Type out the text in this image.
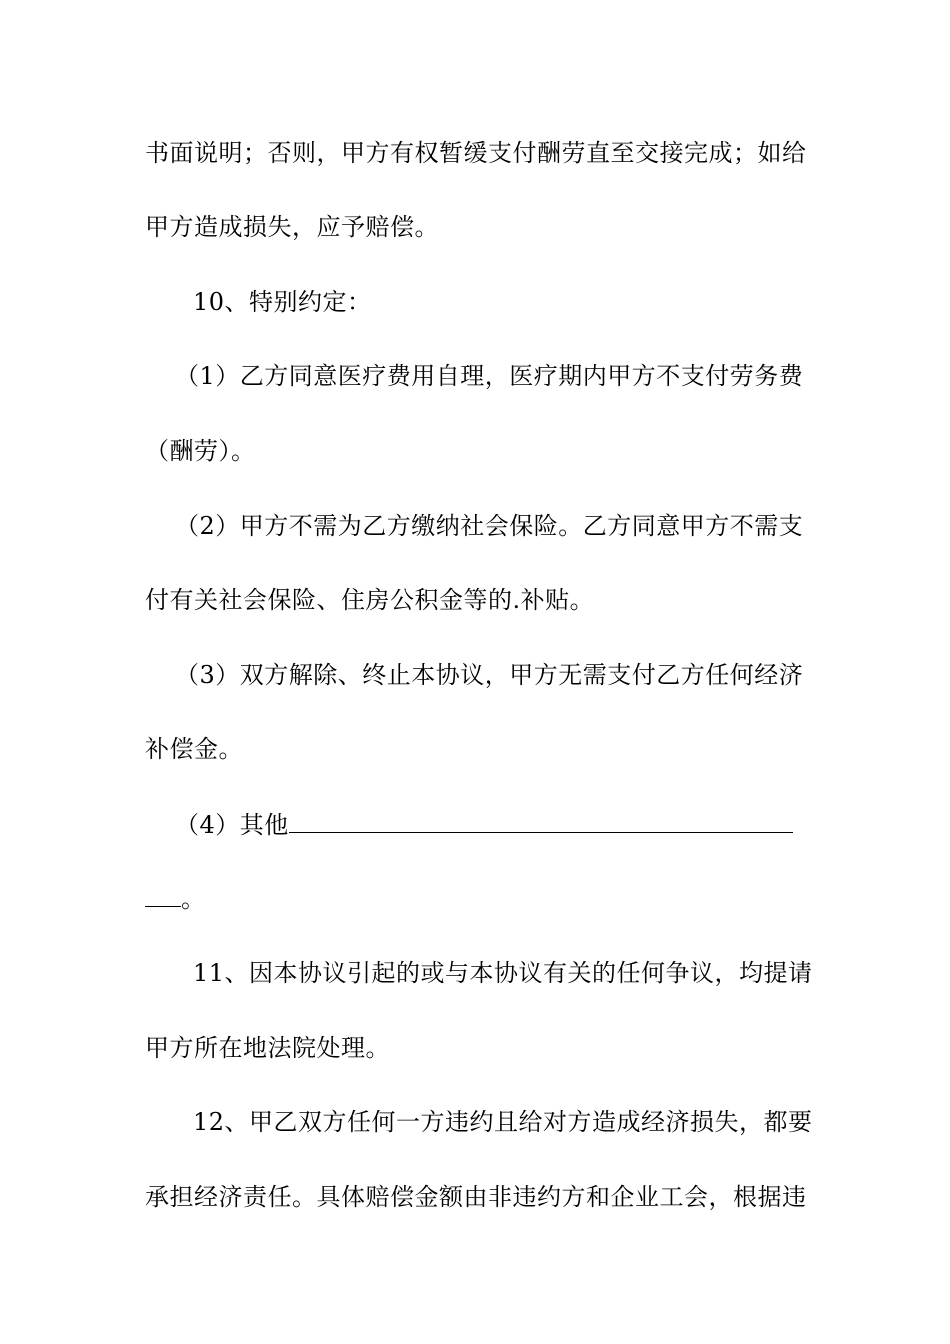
书面说明；否则，甲方有权暂缓支付酬劳直至交接完成；如给
甲方造成损失，应予赔偿。
10、特别约定：
（1）乙方同意医疗费用自理，医疗期内甲方不支付劳务费
（酬劳）。
（2）甲方不需为乙方缴纳社会保险。乙方同意甲方不需支
付有关社会保险、住房公积金等的.补贴。
（3）双方解除、终止本协议，甲方无需支付乙方任何经济
补偿金。
（4）其他
。
11、因本协议引起的或与本协议有关的任何争议，均提请
甲方所在地法院处理。
12、甲乙双方任何一方违约且给对方造成经济损失，都要
承担经济责任。具体赔偿金额由非违约方和企业工会，根据违
